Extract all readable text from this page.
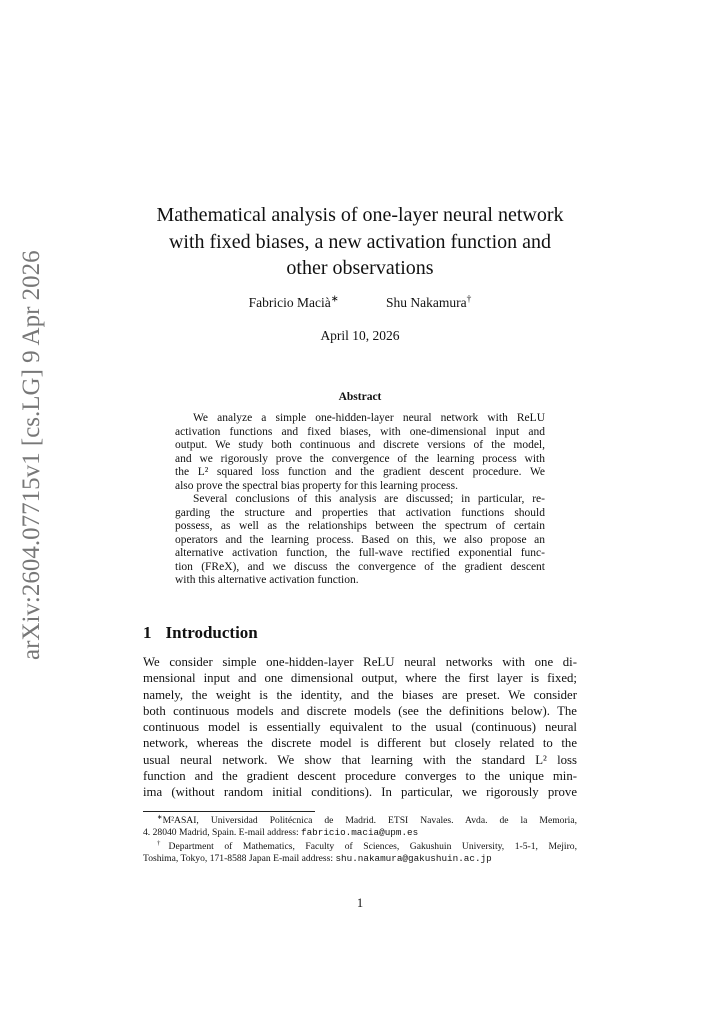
arXiv:2604.07715v1 [cs.LG] 9 Apr 2026
Mathematical analysis of one-layer neural network
with fixed biases, a new activation function and
other observations
Fabricio Macià∗	Shu Nakamura†
April 10, 2026
Abstract
We analyze a simple one-hidden-layer neural network with ReLU
activation functions and fixed biases, with one-dimensional input and
output. We study both continuous and discrete versions of the model,
and we rigorously prove the convergence of the learning process with
the L² squared loss function and the gradient descent procedure. We
also prove the spectral bias property for this learning process.
Several conclusions of this analysis are discussed; in particular, re-
garding the structure and properties that activation functions should
possess, as well as the relationships between the spectrum of certain
operators and the learning process. Based on this, we also propose an
alternative activation function, the full-wave rectified exponential func-
tion (FReX), and we discuss the convergence of the gradient descent
with this alternative activation function.
1 Introduction
We consider simple one-hidden-layer ReLU neural networks with one di-
mensional input and one dimensional output, where the first layer is fixed;
namely, the weight is the identity, and the biases are preset. We consider
both continuous models and discrete models (see the definitions below). The
continuous model is essentially equivalent to the usual (continuous) neural
network, whereas the discrete model is different but closely related to the
usual neural network. We show that learning with the standard L² loss
function and the gradient descent procedure converges to the unique min-
ima (without random initial conditions). In particular, we rigorously prove
∗M²ASAI, Universidad Politécnica de Madrid. ETSI Navales. Avda. de la Memoria,
4. 28040 Madrid, Spain. E-mail address: fabricio.macia@upm.es
†Department of Mathematics, Faculty of Sciences, Gakushuin University, 1-5-1, Mejiro,
Toshima, Tokyo, 171-8588 Japan E-mail address: shu.nakamura@gakushuin.ac.jp
1
